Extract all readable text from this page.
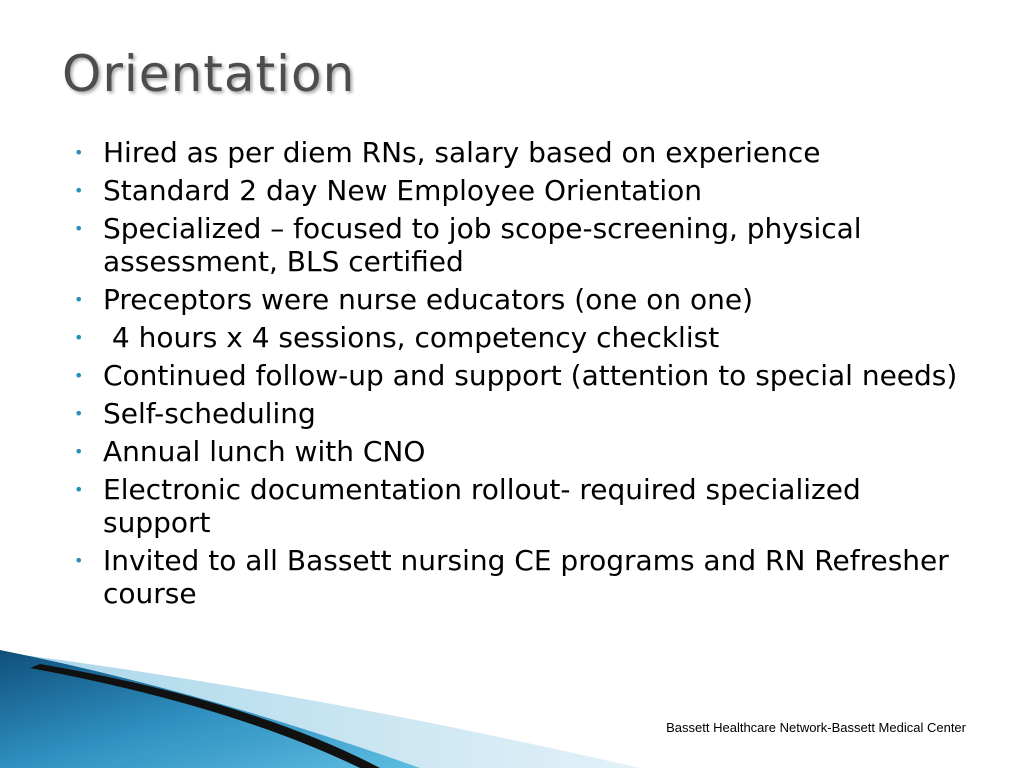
Orientation
• Hired as per diem RNs, salary based on experience
• Standard 2 day New Employee Orientation
• Specialized – focused to job scope-screening, physical assessment, BLS certified
• Preceptors were nurse educators (one on one)
• 4 hours x 4 sessions, competency checklist
• Continued follow-up and support (attention to special needs)
• Self-scheduling
• Annual lunch with CNO
• Electronic documentation rollout- required specialized support
• Invited to all Bassett nursing CE programs and RN Refresher course
Bassett Healthcare Network-Bassett Medical Center
